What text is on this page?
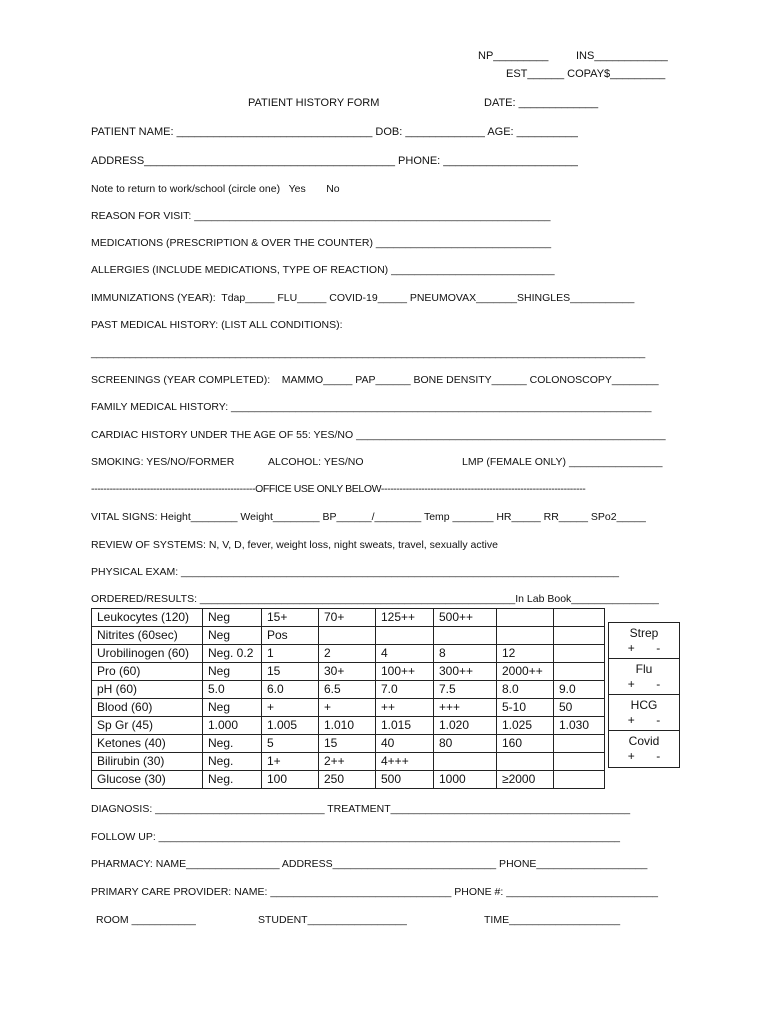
NP_________	INS____________
EST______ COPAY$_________
PATIENT HISTORY FORM	DATE: _____________
PATIENT NAME: ________________________________ DOB: _____________ AGE: __________
ADDRESS_________________________________________ PHONE: ______________________
Note to return to work/school (circle one)   Yes       No
REASON FOR VISIT: _____________________________________________________________
MEDICATIONS (PRESCRIPTION & OVER THE COUNTER) ______________________________
ALLERGIES (INCLUDE MEDICATIONS, TYPE OF REACTION) ____________________________
IMMUNIZATIONS (YEAR):  Tdap_____ FLU_____ COVID-19_____ PNEUMOVAX_______SHINGLES___________
PAST MEDICAL HISTORY: (LIST ALL CONDITIONS):
____________________________________________________________________________________________________
SCREENINGS (YEAR COMPLETED):    MAMMO_____ PAP______ BONE DENSITY______ COLONOSCOPY________
FAMILY MEDICAL HISTORY: ________________________________________________________________________
CARDIAC HISTORY UNDER THE AGE OF 55: YES/NO _____________________________________________________
SMOKING: YES/NO/FORMER	ALCOHOL: YES/NO	LMP (FEMALE ONLY) ________________
-----------------------------------------------------OFFICE USE ONLY BELOW------------------------------------------------------------------
VITAL SIGNS: Height________ Weight________ BP______/________ Temp _______ HR_____ RR_____ SPo2_____
REVIEW OF SYSTEMS: N, V, D, fever, weight loss, night sweats, travel, sexually active
PHYSICAL EXAM: ___________________________________________________________________________
ORDERED/RESULTS: ______________________________________________________In Lab Book_______________
Leukocytes (120)	Neg	15+	70+	125++	500++		
Nitrites (60sec)	Neg	Pos					
Urobilinogen (60)	Neg. 0.2	1	2	4	8	12	
Pro (60)	Neg	15	30+	100++	300++	2000++	
pH (60)	5.0	6.0	6.5	7.0	7.5	8.0	9.0
Blood (60)	Neg	+	+	++	+++	5-10	50
Sp Gr (45)	1.000	1.005	1.010	1.015	1.020	1.025	1.030
Ketones (40)	Neg.	5	15	40	80	160	
Bilirubin (30)	Neg.	1+	2++	4+++			
Glucose (30)	Neg.	100	250	500	1000	≥2000	
Strep
+ -
Flu
+ -
HCG
+ -
Covid
+ -
DIAGNOSIS: _____________________________ TREATMENT_________________________________________
FOLLOW UP: _______________________________________________________________________________
PHARMACY: NAME________________ ADDRESS____________________________ PHONE___________________
PRIMARY CARE PROVIDER: NAME: _______________________________ PHONE #: __________________________
ROOM ___________	STUDENT_________________	TIME___________________
